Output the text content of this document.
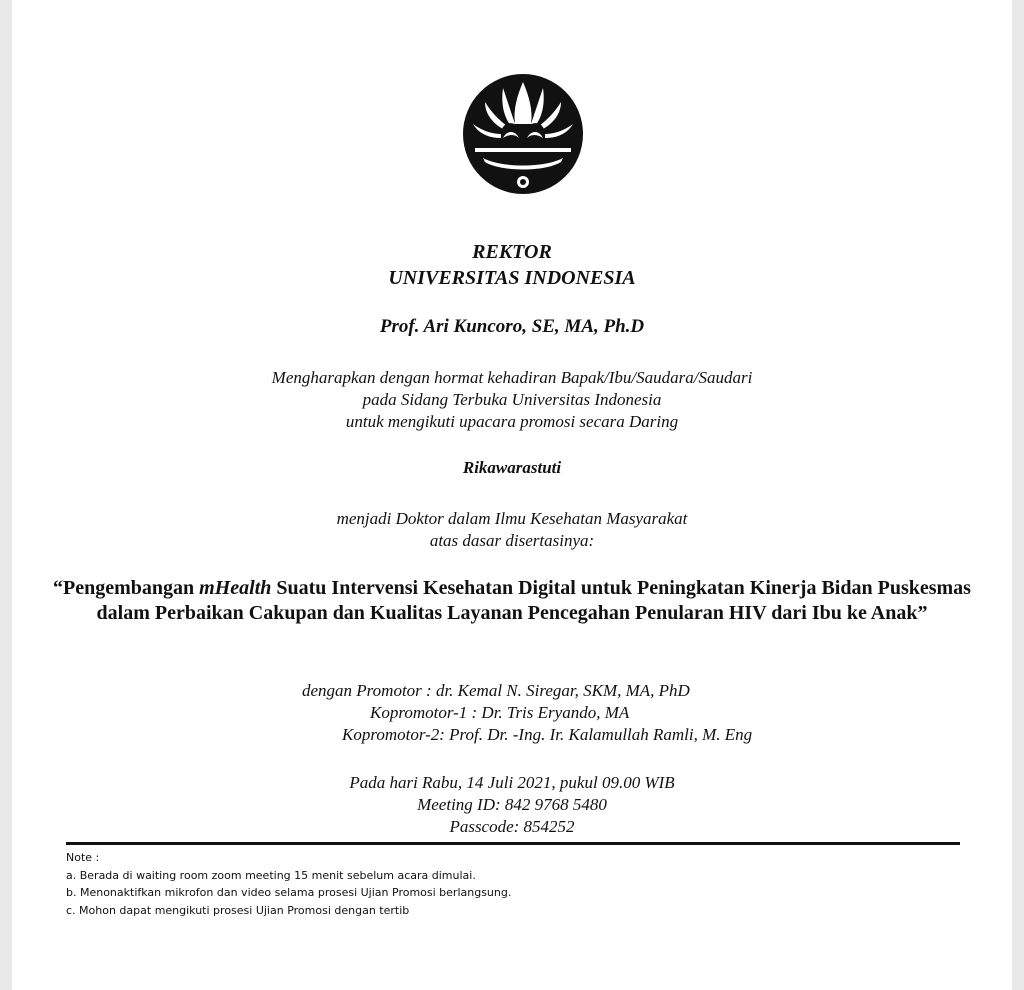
REKTOR
UNIVERSITAS INDONESIA
Prof. Ari Kuncoro, SE, MA, Ph.D
Mengharapkan dengan hormat kehadiran Bapak/Ibu/Saudara/Saudari
pada Sidang Terbuka Universitas Indonesia
untuk mengikuti upacara promosi secara Daring
Rikawarastuti
menjadi Doktor dalam Ilmu Kesehatan Masyarakat
atas dasar disertasinya:
“Pengembangan mHealth Suatu Intervensi Kesehatan Digital untuk Peningkatan Kinerja Bidan Puskesmas dalam Perbaikan Cakupan dan Kualitas Layanan Pencegahan Penularan HIV dari Ibu ke Anak”
dengan Promotor : dr. Kemal N. Siregar, SKM, MA, PhD
Kopromotor-1 : Dr. Tris Eryando, MA
Kopromotor-2: Prof. Dr. -Ing. Ir. Kalamullah Ramli, M. Eng
Pada hari Rabu, 14 Juli 2021, pukul 09.00 WIB
Meeting ID: 842 9768 5480
Passcode: 854252
Note :
a. Berada di waiting room zoom meeting 15 menit sebelum acara dimulai.
b. Menonaktifkan mikrofon dan video selama prosesi Ujian Promosi berlangsung.
c. Mohon dapat mengikuti prosesi Ujian Promosi dengan tertib
